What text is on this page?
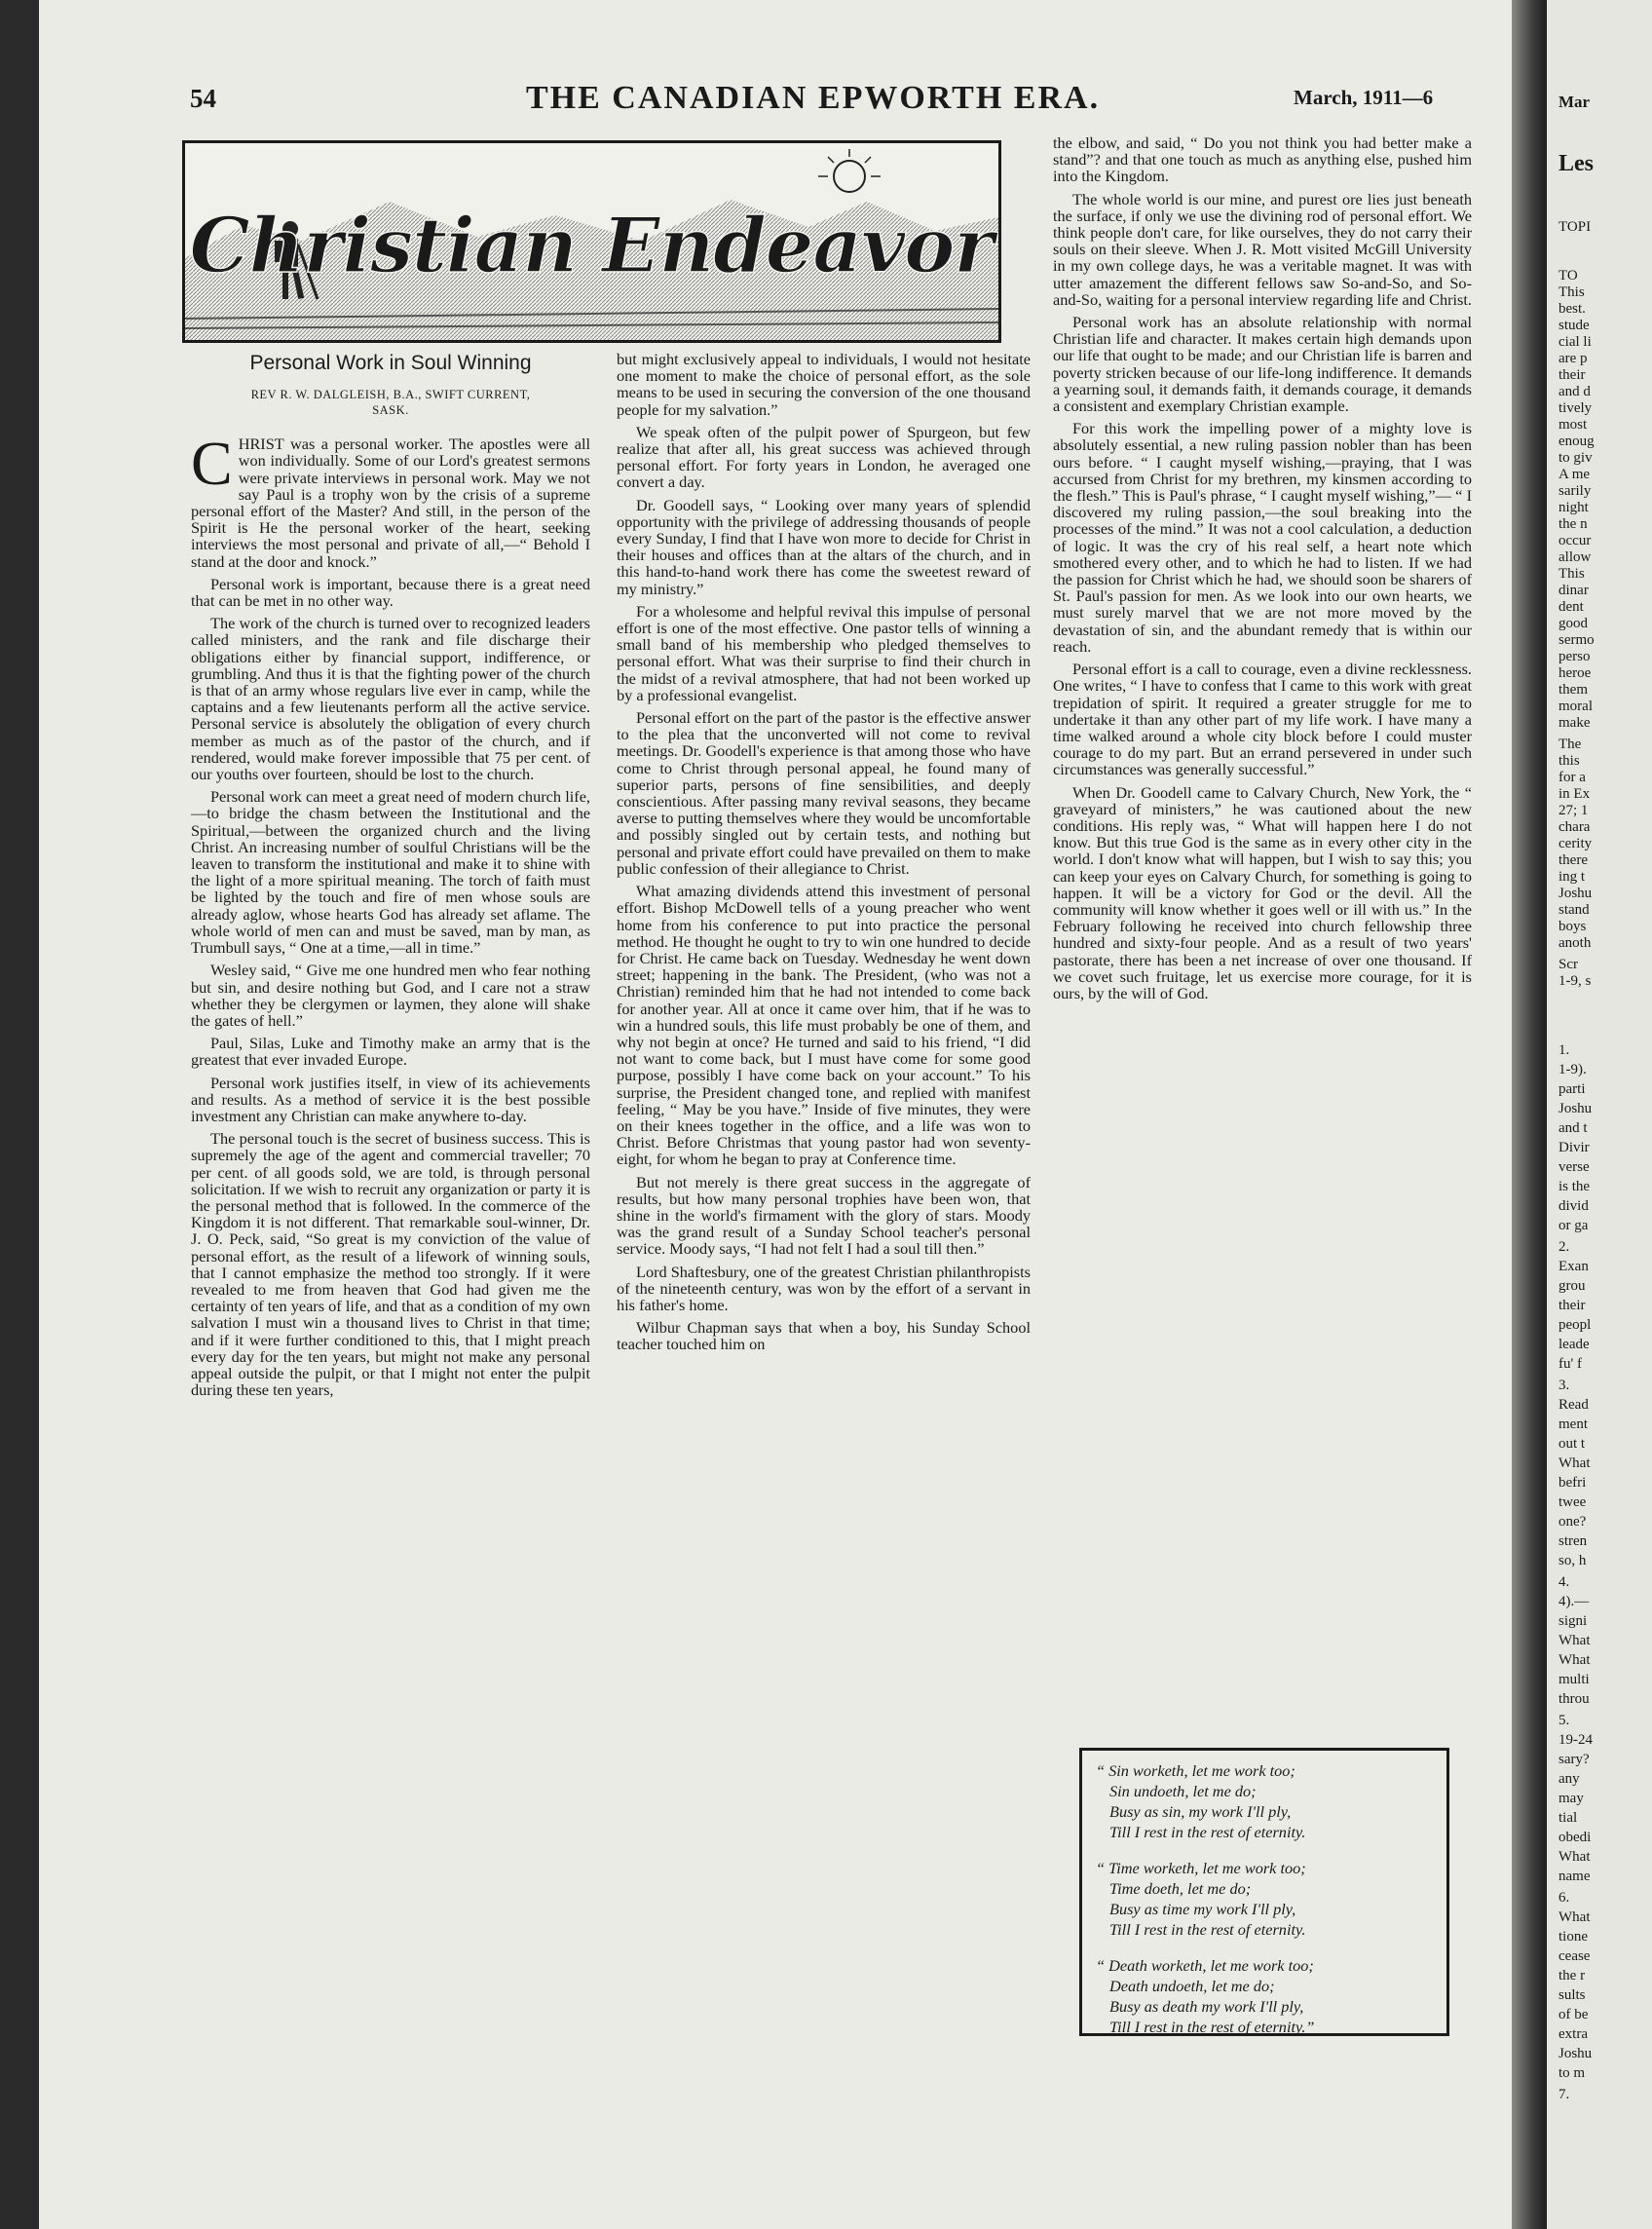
54	THE CANADIAN EPWORTH ERA.	March, 1911—6
Christian Endeavor
Personal Work in Soul Winning
REV R. W. DALGLEISH, B.A., SWIFT CURRENT,
SASK.

CHRIST was a personal worker. The apostles were all won individually. Some of our Lord's greatest sermons were private interviews in personal work. May we not say Paul is a trophy won by the crisis of a supreme personal effort of the Master? And still, in the person of the Spirit is He the personal worker of the heart, seeking interviews the most personal and private of all,—“ Behold I stand at the door and knock.”

Personal work is important, because there is a great need that can be met in no other way.

The work of the church is turned over to recognized leaders called ministers, and the rank and file discharge their obligations either by financial support, indifference, or grumbling. And thus it is that the fighting power of the church is that of an army whose regulars live ever in camp, while the captains and a few lieutenants perform all the active service. Personal service is absolutely the obligation of every church member as much as of the pastor of the church, and if rendered, would make forever impossible that 75 per cent. of our youths over fourteen, should be lost to the church.

Personal work can meet a great need of modern church life,—to bridge the chasm between the Institutional and the Spiritual,—between the organized church and the living Christ. An increasing number of soulful Christians will be the leaven to transform the institutional and make it to shine with the light of a more spiritual meaning. The torch of faith must be lighted by the touch and fire of men whose souls are already aglow, whose hearts God has already set aflame. The whole world of men can and must be saved, man by man, as Trumbull says, “ One at a time,—all in time.”

Wesley said, “ Give me one hundred men who fear nothing but sin, and desire nothing but God, and I care not a straw whether they be clergymen or laymen, they alone will shake the gates of hell.”

Paul, Silas, Luke and Timothy make an army that is the greatest that ever invaded Europe.

Personal work justifies itself, in view of its achievements and results. As a method of service it is the best possible investment any Christian can make anywhere to-day.

The personal touch is the secret of business success. This is supremely the age of the agent and commercial traveller; 70 per cent. of all goods sold, we are told, is through personal solicitation. If we wish to recruit any organization or party it is the personal method that is followed. In the commerce of the Kingdom it is not different. That remarkable soul-winner, Dr. J. O. Peck, said, “So great is my conviction of the value of personal effort, as the result of a lifework of winning souls, that I cannot emphasize the method too strongly. If it were revealed to me from heaven that God had given me the certainty of ten years of life, and that as a condition of my own salvation I must win a thousand lives to Christ in that time; and if it were further conditioned to this, that I might preach every day for the ten years, but might not make any personal appeal outside the pulpit, or that I might not enter the pulpit during these ten years,

but might exclusively appeal to individuals, I would not hesitate one moment to make the choice of personal effort, as the sole means to be used in securing the conversion of the one thousand people for my salvation.”

We speak often of the pulpit power of Spurgeon, but few realize that after all, his great success was achieved through personal effort. For forty years in London, he averaged one convert a day.

Dr. Goodell says, “ Looking over many years of splendid opportunity with the privilege of addressing thousands of people every Sunday, I find that I have won more to decide for Christ in their houses and offices than at the altars of the church, and in this hand-to-hand work there has come the sweetest reward of my ministry.”

For a wholesome and helpful revival this impulse of personal effort is one of the most effective. One pastor tells of winning a small band of his membership who pledged themselves to personal effort. What was their surprise to find their church in the midst of a revival atmosphere, that had not been worked up by a professional evangelist.

Personal effort on the part of the pastor is the effective answer to the plea that the unconverted will not come to revival meetings. Dr. Goodell's experience is that among those who have come to Christ through personal appeal, he found many of superior parts, persons of fine sensibilities, and deeply conscientious. After passing many revival seasons, they became averse to putting themselves where they would be uncomfortable and possibly singled out by certain tests, and nothing but personal and private effort could have prevailed on them to make public confession of their allegiance to Christ.

What amazing dividends attend this investment of personal effort. Bishop McDowell tells of a young preacher who went home from his conference to put into practice the personal method. He thought he ought to try to win one hundred to decide for Christ. He came back on Tuesday. Wednesday he went down street; happening in the bank. The President, (who was not a Christian) reminded him that he had not intended to come back for another year. All at once it came over him, that if he was to win a hundred souls, this life must probably be one of them, and why not begin at once? He turned and said to his friend, “I did not want to come back, but I must have come for some good purpose, possibly I have come back on your account.” To his surprise, the President changed tone, and replied with manifest feeling, “ May be you have.” Inside of five minutes, they were on their knees together in the office, and a life was won to Christ. Before Christmas that young pastor had won seventy-eight, for whom he began to pray at Conference time.

But not merely is there great success in the aggregate of results, but how many personal trophies have been won, that shine in the world's firmament with the glory of stars. Moody was the grand result of a Sunday School teacher's personal service. Moody says, “I had not felt I had a soul till then.”

Lord Shaftesbury, one of the greatest Christian philanthropists of the nineteenth century, was won by the effort of a servant in his father's home.

Wilbur Chapman says that when a boy, his Sunday School teacher touched him on

the elbow, and said, “ Do you not think you had better make a stand”? and that one touch as much as anything else, pushed him into the Kingdom.

The whole world is our mine, and purest ore lies just beneath the surface, if only we use the divining rod of personal effort. We think people don't care, for like ourselves, they do not carry their souls on their sleeve. When J. R. Mott visited McGill University in my own college days, he was a veritable magnet. It was with utter amazement the different fellows saw So-and-So, and So-and-So, waiting for a personal interview regarding life and Christ.

Personal work has an absolute relationship with normal Christian life and character. It makes certain high demands upon our life that ought to be made; and our Christian life is barren and poverty stricken because of our life-long indifference. It demands a yearning soul, it demands faith, it demands courage, it demands a consistent and exemplary Christian example.

For this work the impelling power of a mighty love is absolutely essential, a new ruling passion nobler than has been ours before. “ I caught myself wishing,—praying, that I was accursed from Christ for my brethren, my kinsmen according to the flesh.” This is Paul's phrase, “ I caught myself wishing,”— “ I discovered my ruling passion,—the soul breaking into the processes of the mind.” It was not a cool calculation, a deduction of logic. It was the cry of his real self, a heart note which smothered every other, and to which he had to listen. If we had the passion for Christ which he had, we should soon be sharers of St. Paul's passion for men. As we look into our own hearts, we must surely marvel that we are not more moved by the devastation of sin, and the abundant remedy that is within our reach.

Personal effort is a call to courage, even a divine recklessness. One writes, “ I have to confess that I came to this work with great trepidation of spirit. It required a greater struggle for me to undertake it than any other part of my life work. I have many a time walked around a whole city block before I could muster courage to do my part. But an errand persevered in under such circumstances was generally successful.”

When Dr. Goodell came to Calvary Church, New York, the “ graveyard of ministers,” he was cautioned about the new conditions. His reply was, “ What will happen here I do not know. But this true God is the same as in every other city in the world. I don't know what will happen, but I wish to say this; you can keep your eyes on Calvary Church, for something is going to happen. It will be a victory for God or the devil. All the community will know whether it goes well or ill with us.” In the February following he received into church fellowship three hundred and sixty-four people. And as a result of two years' pastorate, there has been a net increase of over one thousand. If we covet such fruitage, let us exercise more courage, for it is ours, by the will of God.

“ Sin worketh, let me work too;
Sin undoeth, let me do;
Busy as sin, my work I'll ply,
Till I rest in the rest of eternity.
“ Time worketh, let me work too;
Time doeth, let me do;
Busy as time my work I'll ply,
Till I rest in the rest of eternity.
“ Death worketh, let me work too;
Death undoeth, let me do;
Busy as death my work I'll ply,
Till I rest in the rest of eternity.”
Mar
Les
TOPI
TO
This
best.
stude
cial li
are p
their
and d
tively
most
enoug
to giv
A me
sarily
night
the n
occur
allow
This
dinar
dent
good
sermo
perso
heroe
them
moral
make
The
this
for a
in Ex
27; 1
chara
cerity
there
ing t
Joshu
stand
boys
anoth
Scr
1-9, s
1.
1-9).
parti
Joshu
and t
Divir
verse
is the
divid
or ga
2.
Exan
grou
their
peopl
leade
fu' f
3.
Read
ment
out t
What
befri
twee
one?
stren
so, h
4.
4).—
signi
What
What
multi
throu
5.
19-24
sary?
any
may
tial
obedi
What
name
6.
What
tione
cease
the r
sults
of be
extra
Joshu
to m
7.
